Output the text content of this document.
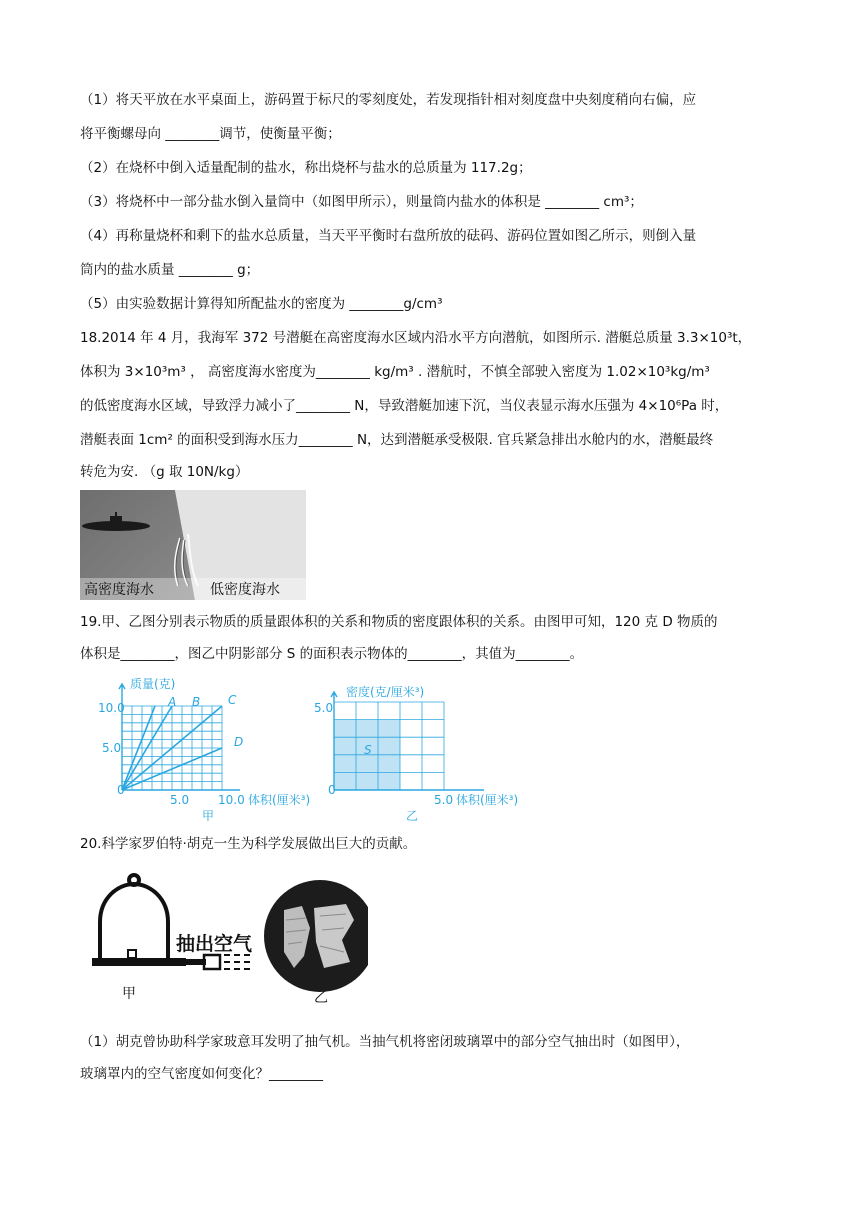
（1）将天平放在水平桌面上，游码置于标尺的零刻度处，若发现指针相对刻度盘中央刻度稍向右偏，应
将平衡螺母向 ________调节，使衡量平衡；
（2）在烧杯中倒入适量配制的盐水，称出烧杯与盐水的总质量为 117.2g；
（3）将烧杯中一部分盐水倒入量筒中（如图甲所示），则量筒内盐水的体积是 ________ cm³；
（4）再称量烧杯和剩下的盐水总质量，当天平平衡时右盘所放的砝码、游码位置如图乙所示，则倒入量
筒内的盐水质量 ________ g；
（5）由实验数据计算得知所配盐水的密度为 ________g/cm³
18.2014 年 4 月，我海军 372 号潜艇在高密度海水区域内沿水平方向潜航，如图所示. 潜艇总质量 3.3×10³t，
体积为 3×10³m³ ， 高密度海水密度为________ kg/m³ . 潜航时，不慎全部驶入密度为 1.02×10³kg/m³
的低密度海水区域，导致浮力减小了________ N，导致潜艇加速下沉，当仪表显示海水压强为 4×10⁶Pa 时，
潜艇表面 1cm² 的面积受到海水压力________ N，达到潜艇承受极限. 官兵紧急排出水舱内的水，潜艇最终
转危为安. （g 取 10N/kg）
高密度海水	低密度海水
19.甲、乙图分别表示物质的质量跟体积的关系和物质的密度跟体积的关系。由图甲可知，120 克 D 物质的
体积是________，图乙中阴影部分 S 的面积表示物体的________，其值为________。
质量(克)
10.0
5.0
0
5.0 10.0 体积(厘米³)
甲
A B C
D
密度(克/厘米³)
5.0
0
5.0 体积(厘米³)
乙
S
20.科学家罗伯特·胡克一生为科学发展做出巨大的贡献。
抽出空气
甲	乙
（1）胡克曾协助科学家玻意耳发明了抽气机。当抽气机将密闭玻璃罩中的部分空气抽出时（如图甲），
玻璃罩内的空气密度如何变化？________
